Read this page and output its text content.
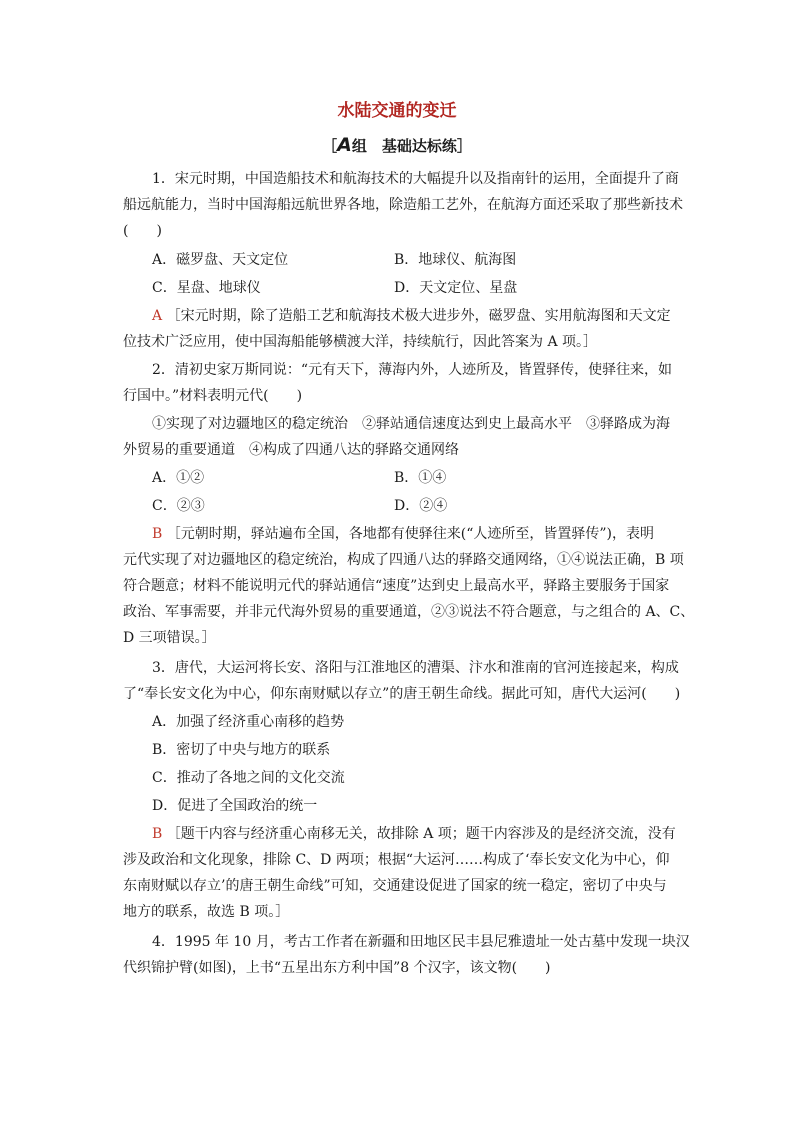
水陆交通的变迁
［A组　基础达标练］
1．宋元时期，中国造船技术和航海技术的大幅提升以及指南针的运用，全面提升了商
船远航能力，当时中国海船远航世界各地，除造船工艺外，在航海方面还采取了那些新技术
(　　)
A．磁罗盘、天文定位	B．地球仪、航海图
C．星盘、地球仪	D．天文定位、星盘
A ［宋元时期，除了造船工艺和航海技术极大进步外，磁罗盘、实用航海图和天文定
位技术广泛应用，使中国海船能够横渡大洋，持续航行，因此答案为 A 项。］
2．清初史家万斯同说：“元有天下，薄海内外，人迹所及，皆置驿传，使驿往来，如
行国中。”材料表明元代(　　)
①实现了对边疆地区的稳定统治　②驿站通信速度达到史上最高水平　③驿路成为海
外贸易的重要通道　④构成了四通八达的驿路交通网络
A．①②	B．①④
C．②③	D．②④
B ［元朝时期，驿站遍布全国，各地都有使驿往来(“人迹所至，皆置驿传”)，表明
元代实现了对边疆地区的稳定统治，构成了四通八达的驿路交通网络，①④说法正确，B 项
符合题意；材料不能说明元代的驿站通信“速度”达到史上最高水平，驿路主要服务于国家
政治、军事需要，并非元代海外贸易的重要通道，②③说法不符合题意，与之组合的 A、C、
D 三项错误。］
3．唐代，大运河将长安、洛阳与江淮地区的漕渠、汴水和淮南的官河连接起来，构成
了“奉长安文化为中心，仰东南财赋以存立”的唐王朝生命线。据此可知，唐代大运河(　　)
A．加强了经济重心南移的趋势
B．密切了中央与地方的联系
C．推动了各地之间的文化交流
D．促进了全国政治的统一
B ［题干内容与经济重心南移无关，故排除 A 项；题干内容涉及的是经济交流，没有
涉及政治和文化现象，排除 C、D 两项；根据“大运河……构成了‘奉长安文化为中心，仰
东南财赋以存立’的唐王朝生命线”可知，交通建设促进了国家的统一稳定，密切了中央与
地方的联系，故选 B 项。］
4．1995 年 10 月，考古工作者在新疆和田地区民丰县尼雅遗址一处古墓中发现一块汉
代织锦护臂(如图)，上书“五星出东方利中国”8 个汉字，该文物(　　)
